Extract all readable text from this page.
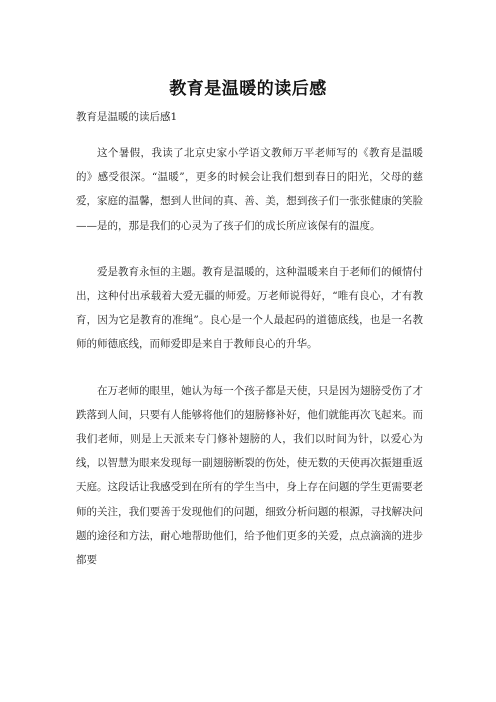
教育是温暖的读后感
教育是温暖的读后感1

这个暑假，我读了北京史家小学语文教师万平老师写的《教育是温暖的》感受很深。“温暖”，更多的时候会让我们想到春日的阳光，父母的慈爱，家庭的温馨，想到人世间的真、善、美，想到孩子们一张张健康的笑脸——是的，那是我们的心灵为了孩子们的成长所应该保有的温度。

爱是教育永恒的主题。教育是温暖的，这种温暖来自于老师们的倾情付出，这种付出承载着大爱无疆的师爱。万老师说得好，“唯有良心，才有教育，因为它是教育的准绳”。良心是一个人最起码的道德底线，也是一名教师的师德底线，而师爱即是来自于教师良心的升华。

在万老师的眼里，她认为每一个孩子都是天使，只是因为翅膀受伤了才跌落到人间，只要有人能够将他们的翅膀修补好，他们就能再次飞起来。而我们老师，则是上天派来专门修补翅膀的人，我们以时间为针，以爱心为线，以智慧为眼来发现每一副翅膀断裂的伤处，使无数的天使再次振翅重返天庭。这段话让我感受到在所有的学生当中，身上存在问题的学生更需要老师的关注，我们要善于发现他们的问题，细致分析问题的根源，寻找解决问题的途径和方法，耐心地帮助他们，给予他们更多的关爱，点点滴滴的进步都要
